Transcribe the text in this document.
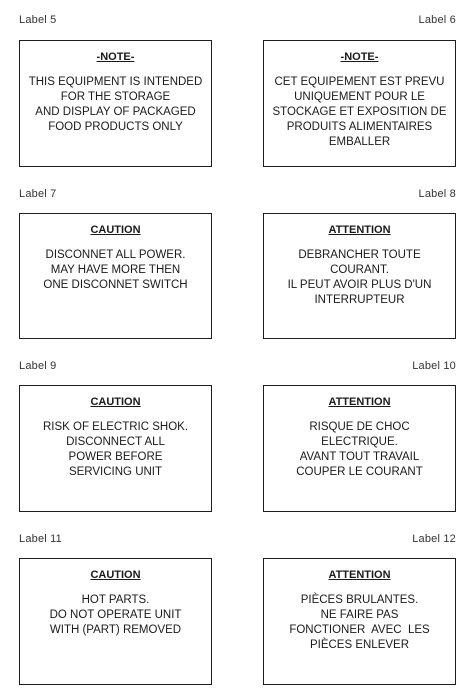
Label 5	Label 6
-NOTE-
THIS EQUIPMENT IS INTENDED
FOR THE STORAGE
AND DISPLAY OF PACKAGED
FOOD PRODUCTS ONLY
-NOTE-
CET EQUIPEMENT EST PREVU
UNIQUEMENT POUR LE
STOCKAGE ET EXPOSITION DE
PRODUITS ALIMENTAIRES
EMBALLER
Label 7	Label 8
CAUTION
DISCONNET ALL POWER.
MAY HAVE MORE THEN
ONE DISCONNET SWITCH
ATTENTION
DEBRANCHER TOUTE
COURANT.
IL PEUT AVOIR PLUS D'UN
INTERRUPTEUR
Label 9	Label 10
CAUTION
RISK OF ELECTRIC SHOK.
DISCONNECT ALL
POWER BEFORE
SERVICING UNIT
ATTENTION
RISQUE DE CHOC
ELECTRIQUE.
AVANT TOUT TRAVAIL
COUPER LE COURANT
Label 11	Label 12
CAUTION
HOT PARTS.
DO NOT OPERATE UNIT
WITH (PART) REMOVED
ATTENTION
PIÈCES BRULANTES.
NE FAIRE PAS
FONCTIONER  AVEC  LES
PIÈCES ENLEVER
